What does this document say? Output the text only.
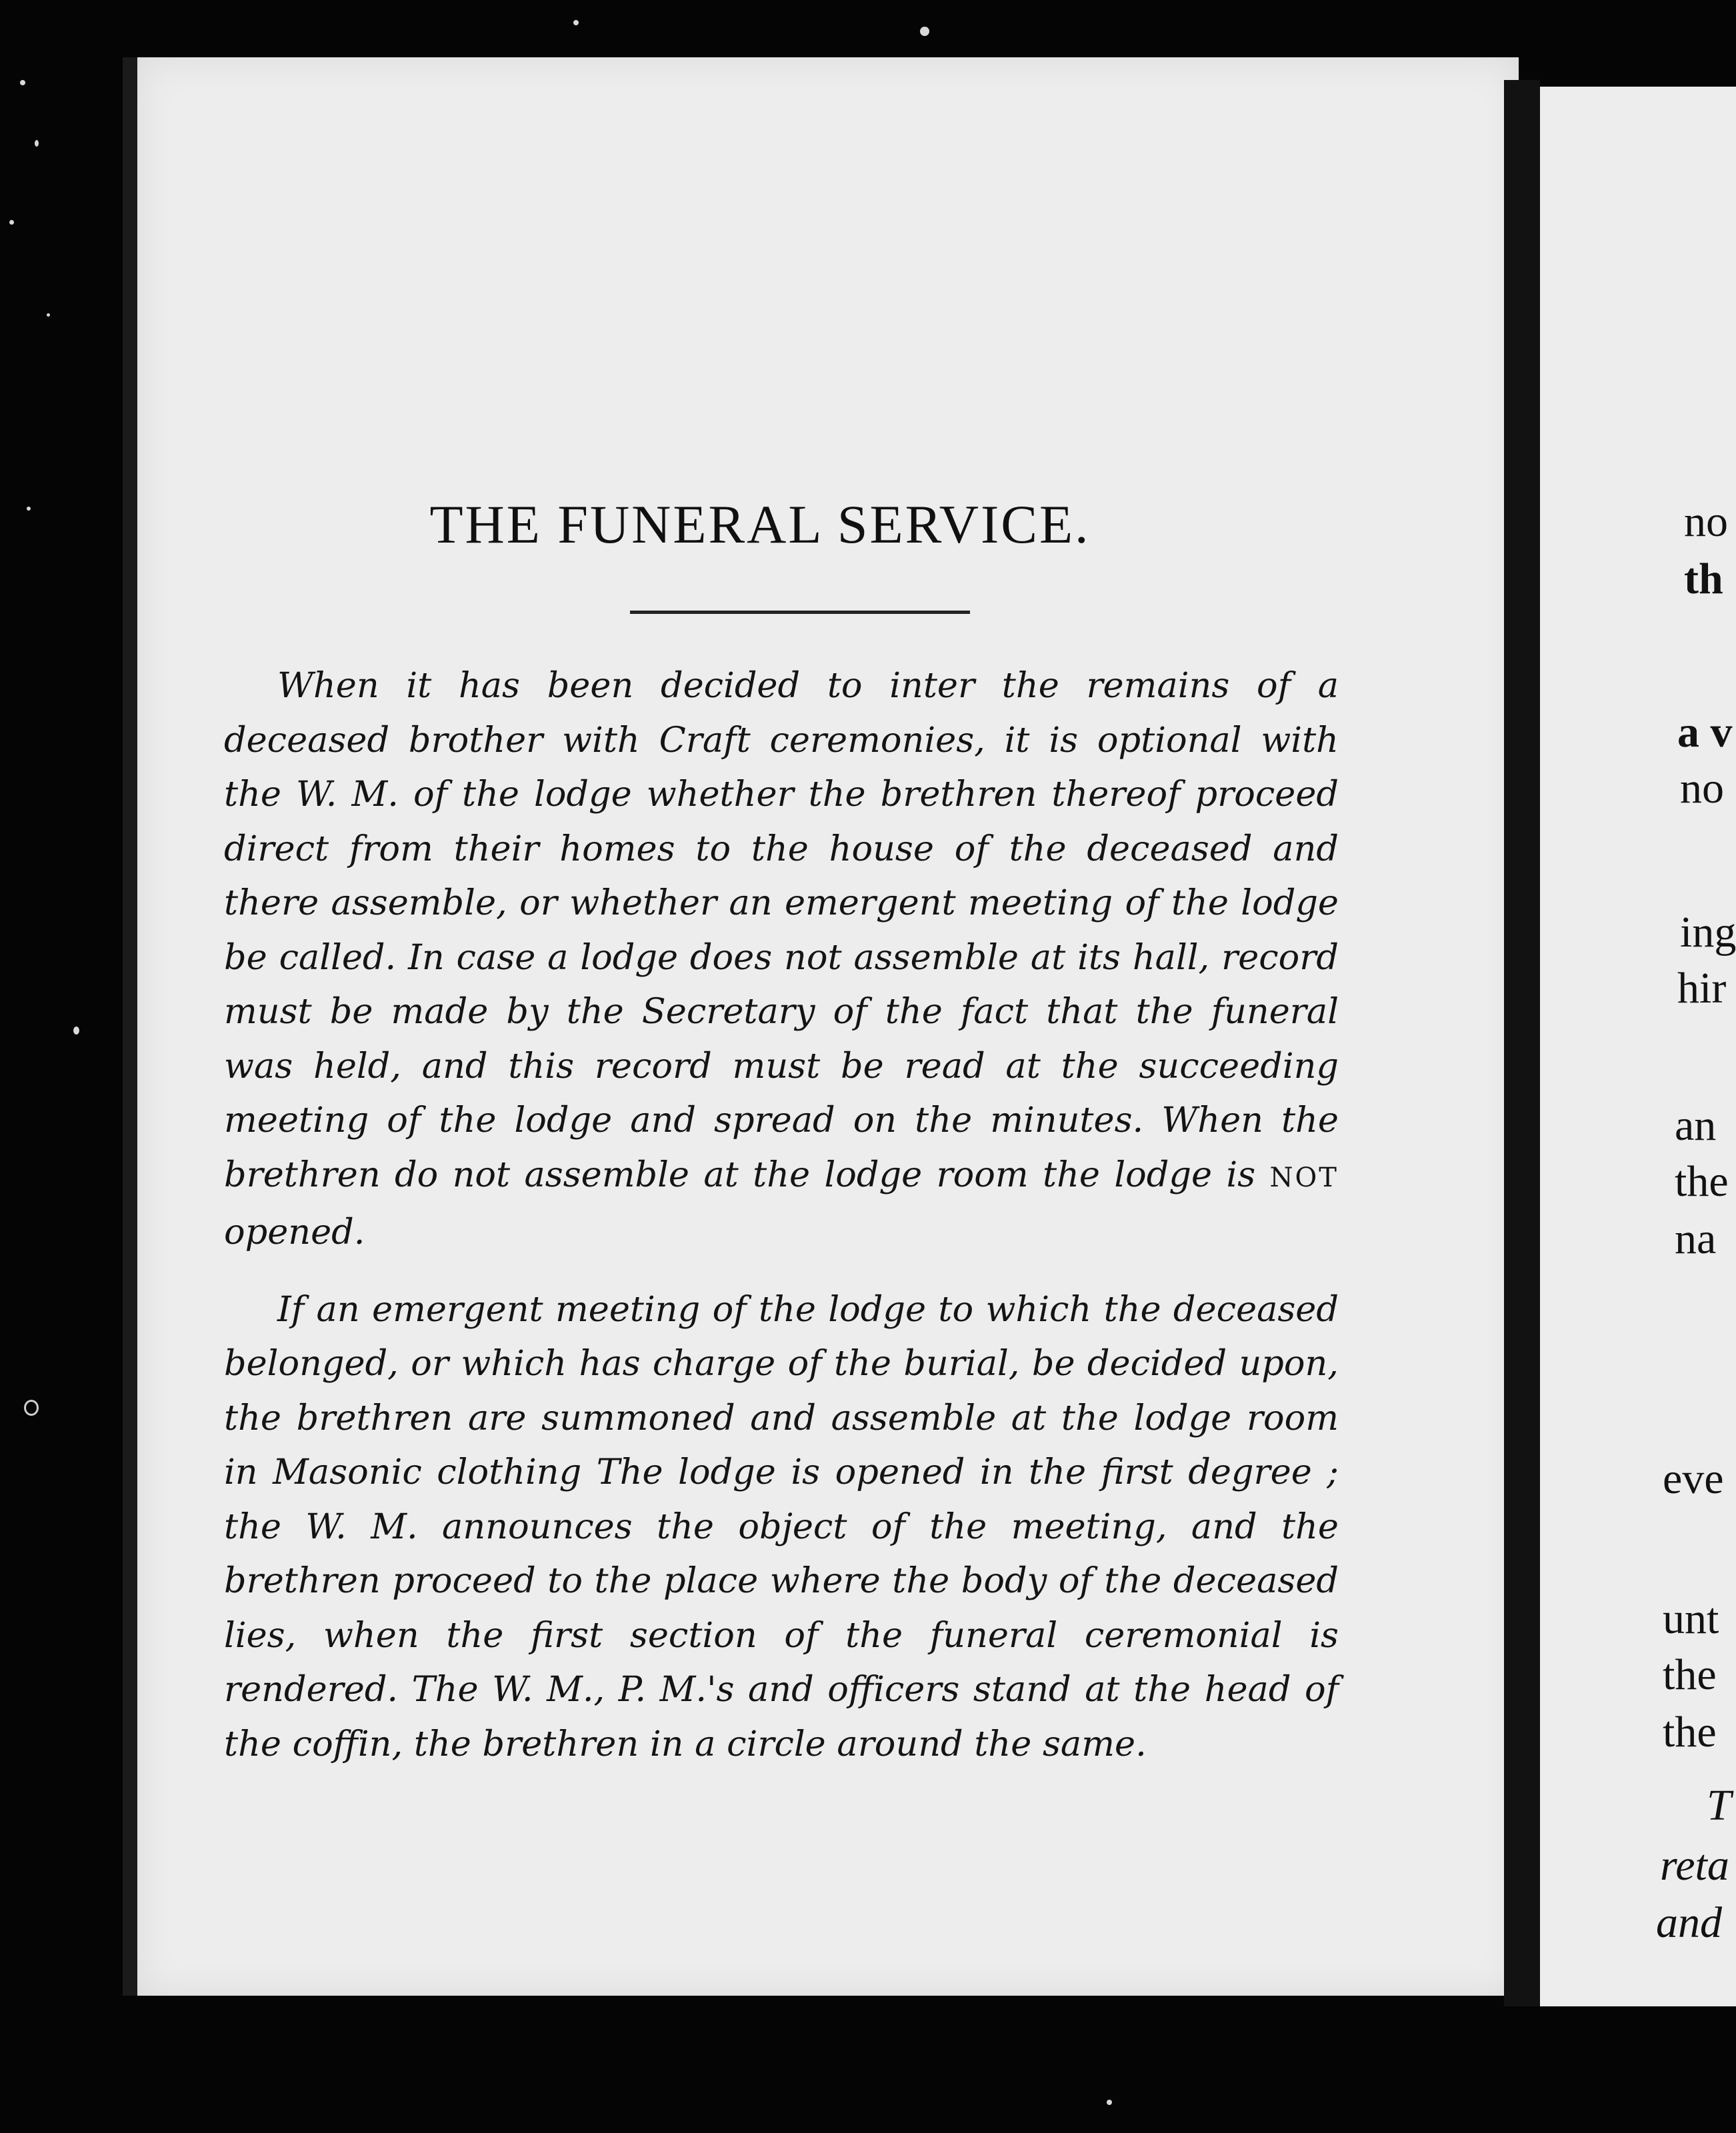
THE FUNERAL SERVICE.

When it has been decided to inter the remains of a deceased brother with Craft ceremonies, it is optional with the W. M. of the lodge whether the brethren thereof proceed direct from their homes to the house of the deceased and there assemble, or whether an emergent meeting of the lodge be called. In case a lodge does not assemble at its hall, record must be made by the Secretary of the fact that the funeral was held, and this record must be read at the succeeding meeting of the lodge and spread on the minutes. When the brethren do not assemble at the lodge room the lodge is NOT opened.

If an emergent meeting of the lodge to which the deceased belonged, or which has charge of the burial, be decided upon, the brethren are summoned and assemble at the lodge room in Masonic clothing The lodge is opened in the first degree ; the W. M. announces the object of the meeting, and the brethren proceed to the place where the body of the deceased lies, when the first section of the funeral ceremonial is rendered. The W. M., P. M.'s and officers stand at the head of the coffin, the brethren in a circle around the same.

no
th
a v
no
ing
hir
an
the
na
eve
unt
the
the
T
reta
and
